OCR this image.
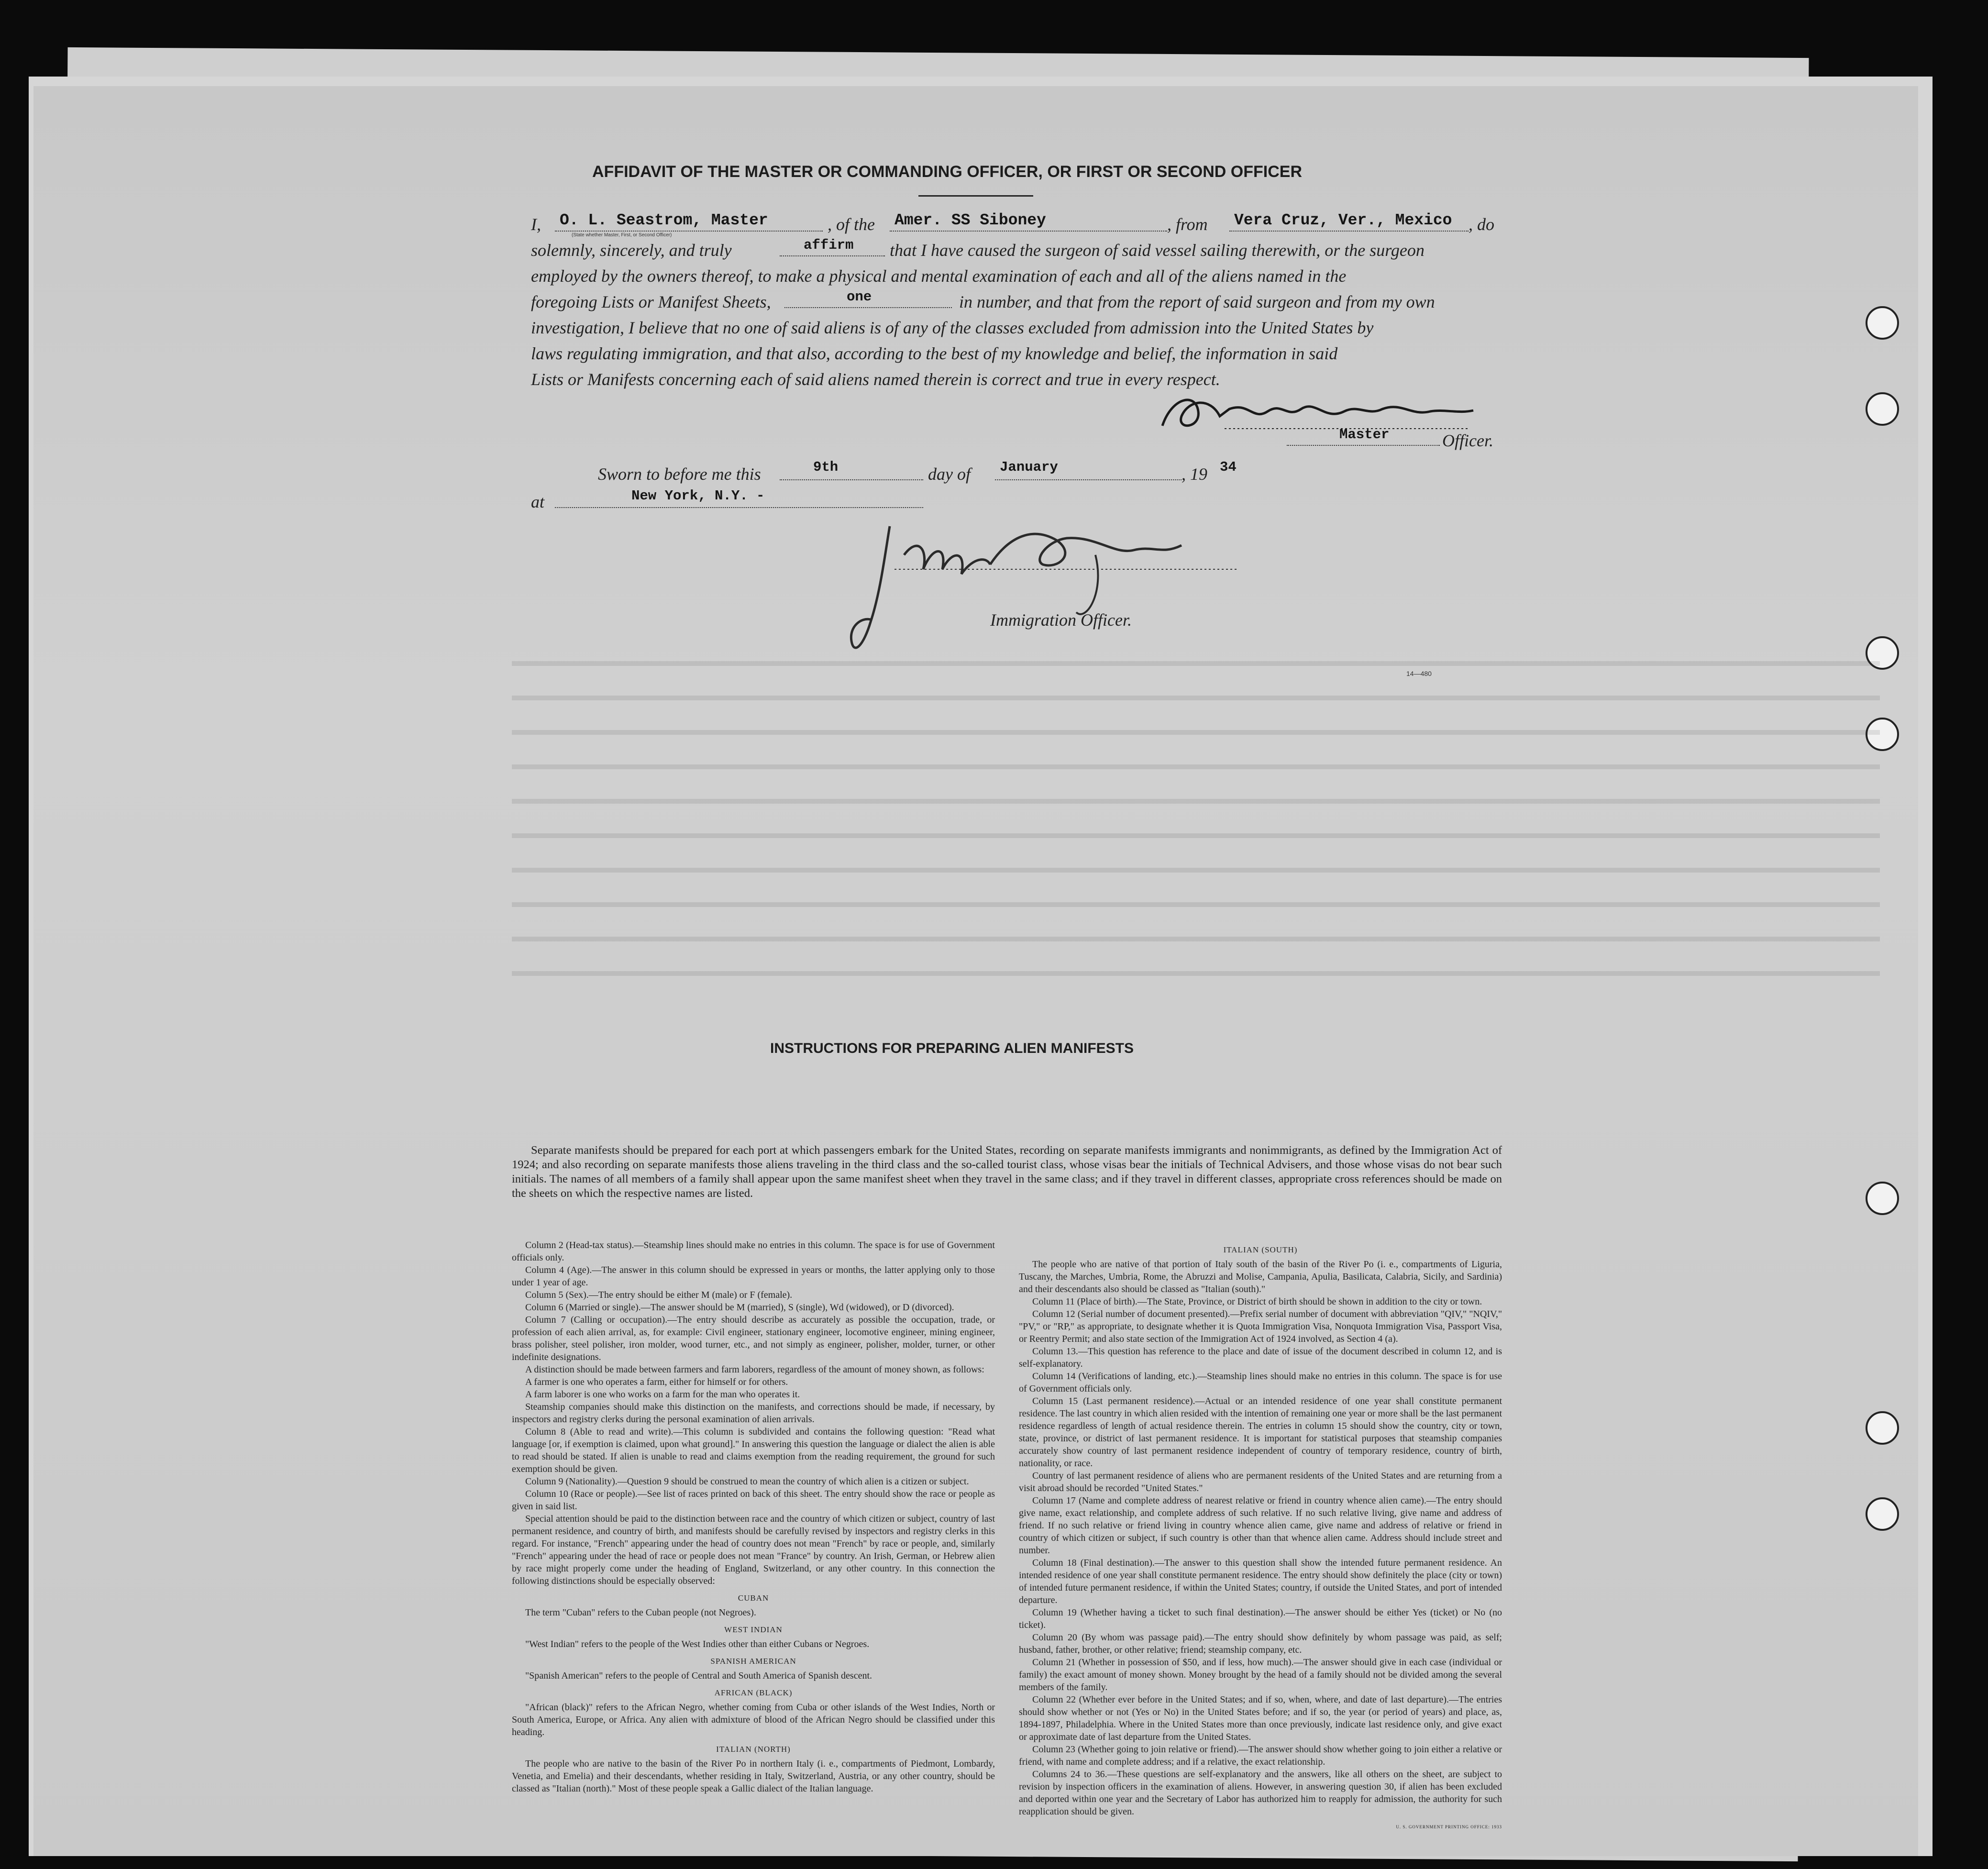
AFFIDAVIT OF THE MASTER OR COMMANDING OFFICER, OR FIRST OR SECOND OFFICER
I, O. L. Seastrom, Master
(State whether Master, First, or Second Officer)
, of the Amer. SS Siboney	, from Vera Cruz, Ver., Mexico , do
solemnly, sincerely, and truly	affirm that I have caused the surgeon of said vessel sailing therewith, or the surgeon
employed by the owners thereof, to make a physical and mental examination of each and all of the aliens named in the
foregoing Lists or Manifest Sheets,	one	in number, and that from the report of said surgeon and from my own
investigation, I believe that no one of said aliens is of any of the classes excluded from admission into the United States by
laws regulating immigration, and that also, according to the best of my knowledge and belief, the information in said
Lists or Manifests concerning each of said aliens named therein is correct and true in every respect.
Master	Officer.
Sworn to before me this	9th	day of January	, 19 34
at	New York, N.Y. -
Immigration Officer.
14—480
INSTRUCTIONS FOR PREPARING ALIEN MANIFESTS
Separate manifests should be prepared for each port at which passengers embark for the United States, recording on separate manifests immigrants and nonimmigrants, as defined by the Immigration Act of 1924; and also recording on separate manifests those aliens traveling in the third class and the so-called tourist class, whose visas bear the initials of Technical Advisers, and those whose visas do not bear such initials. The names of all members of a family shall appear upon the same manifest sheet when they travel in the same class; and if they travel in different classes, appropriate cross references should be made on the sheets on which the respective names are listed.

Column 2 (Head-tax status).—Steamship lines should make no entries in this column. The space is for use of Government officials only.

Column 4 (Age).—The answer in this column should be expressed in years or months, the latter applying only to those under 1 year of age.

Column 5 (Sex).—The entry should be either M (male) or F (female).

Column 6 (Married or single).—The answer should be M (married), S (single), Wd (widowed), or D (divorced).

Column 7 (Calling or occupation).—The entry should describe as accurately as possible the occupation, trade, or profession of each alien arrival, as, for example: Civil engineer, stationary engineer, locomotive engineer, mining engineer, brass polisher, steel polisher, iron molder, wood turner, etc., and not simply as engineer, polisher, molder, turner, or other indefinite designations.

A distinction should be made between farmers and farm laborers, regardless of the amount of money shown, as follows:

A farmer is one who operates a farm, either for himself or for others.

A farm laborer is one who works on a farm for the man who operates it.

Steamship companies should make this distinction on the manifests, and corrections should be made, if necessary, by inspectors and registry clerks during the personal examination of alien arrivals.

Column 8 (Able to read and write).—This column is subdivided and contains the following question: "Read what language [or, if exemption is claimed, upon what ground]." In answering this question the language or dialect the alien is able to read should be stated. If alien is unable to read and claims exemption from the reading requirement, the ground for such exemption should be given.

Column 9 (Nationality).—Question 9 should be construed to mean the country of which alien is a citizen or subject.

Column 10 (Race or people).—See list of races printed on back of this sheet. The entry should show the race or people as given in said list.

Special attention should be paid to the distinction between race and the country of which citizen or subject, country of last permanent residence, and country of birth, and manifests should be carefully revised by inspectors and registry clerks in this regard. For instance, "French" appearing under the head of country does not mean "French" by race or people, and, similarly "French" appearing under the head of race or people does not mean "France" by country. An Irish, German, or Hebrew alien by race might properly come under the heading of England, Switzerland, or any other country. In this connection the following distinctions should be especially observed:

CUBAN

The term "Cuban" refers to the Cuban people (not Negroes).

WEST INDIAN

"West Indian" refers to the people of the West Indies other than either Cubans or Negroes.

SPANISH AMERICAN

"Spanish American" refers to the people of Central and South America of Spanish descent.

AFRICAN (BLACK)

"African (black)" refers to the African Negro, whether coming from Cuba or other islands of the West Indies, North or South America, Europe, or Africa. Any alien with admixture of blood of the African Negro should be classified under this heading.

ITALIAN (NORTH)

The people who are native to the basin of the River Po in northern Italy (i. e., compartments of Piedmont, Lombardy, Venetia, and Emelia) and their descendants, whether residing in Italy, Switzerland, Austria, or any other country, should be classed as "Italian (north)." Most of these people speak a Gallic dialect of the Italian language.

ITALIAN (SOUTH)

The people who are native of that portion of Italy south of the basin of the River Po (i. e., compartments of Liguria, Tuscany, the Marches, Umbria, Rome, the Abruzzi and Molise, Campania, Apulia, Basilicata, Calabria, Sicily, and Sardinia) and their descendants also should be classed as "Italian (south)."

Column 11 (Place of birth).—The State, Province, or District of birth should be shown in addition to the city or town.

Column 12 (Serial number of document presented).—Prefix serial number of document with abbreviation "QIV," "NQIV," "PV," or "RP," as appropriate, to designate whether it is Quota Immigration Visa, Nonquota Immigration Visa, Passport Visa, or Reentry Permit; and also state section of the Immigration Act of 1924 involved, as Section 4 (a).

Column 13.—This question has reference to the place and date of issue of the document described in column 12, and is self-explanatory.

Column 14 (Verifications of landing, etc.).—Steamship lines should make no entries in this column. The space is for use of Government officials only.

Column 15 (Last permanent residence).—Actual or an intended residence of one year shall constitute permanent residence. The last country in which alien resided with the intention of remaining one year or more shall be the last permanent residence regardless of length of actual residence therein. The entries in column 15 should show the country, city or town, state, province, or district of last permanent residence. It is important for statistical purposes that steamship companies accurately show country of last permanent residence independent of country of temporary residence, country of birth, nationality, or race.

Country of last permanent residence of aliens who are permanent residents of the United States and are returning from a visit abroad should be recorded "United States."

Column 17 (Name and complete address of nearest relative or friend in country whence alien came).—The entry should give name, exact relationship, and complete address of such relative. If no such relative living, give name and address of friend. If no such relative or friend living in country whence alien came, give name and address of relative or friend in country of which citizen or subject, if such country is other than that whence alien came. Address should include street and number.

Column 18 (Final destination).—The answer to this question shall show the intended future permanent residence. An intended residence of one year shall constitute permanent residence. The entry should show definitely the place (city or town) of intended future permanent residence, if within the United States; country, if outside the United States, and port of intended departure.

Column 19 (Whether having a ticket to such final destination).—The answer should be either Yes (ticket) or No (no ticket).

Column 20 (By whom was passage paid).—The entry should show definitely by whom passage was paid, as self; husband, father, brother, or other relative; friend; steamship company, etc.

Column 21 (Whether in possession of $50, and if less, how much).—The answer should give in each case (individual or family) the exact amount of money shown. Money brought by the head of a family should not be divided among the several members of the family.

Column 22 (Whether ever before in the United States; and if so, when, where, and date of last departure).—The entries should show whether or not (Yes or No) in the United States before; and if so, the year (or period of years) and place, as, 1894-1897, Philadelphia. Where in the United States more than once previously, indicate last residence only, and give exact or approximate date of last departure from the United States.

Column 23 (Whether going to join relative or friend).—The answer should show whether going to join either a relative or friend, with name and complete address; and if a relative, the exact relationship.

Columns 24 to 36.—These questions are self-explanatory and the answers, like all others on the sheet, are subject to revision by inspection officers in the examination of aliens. However, in answering question 30, if alien has been excluded and deported within one year and the Secretary of Labor has authorized him to reapply for admission, the authority for such reapplication should be given.

U. S. GOVERNMENT PRINTING OFFICE: 1933
